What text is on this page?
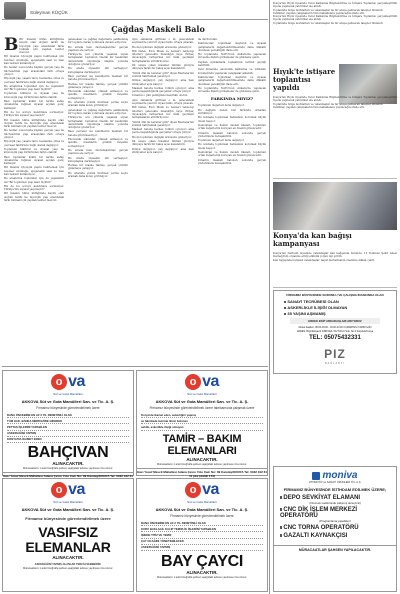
Süleyman KÜÇÜK
Çağdaş Maskeli Balo
B Bir insanın nüfus kütüğünde kayıtlı olan doğum tarihi ile biyolojik yaşı arasındaki farkı bulmak için yapılan testler mevcut.

Bir insanın biyolojik yaşını belirlemek için telomer uzunluğu, epigenetik saat ve bazı kan testleri kullanılıyor.

Bu testler sonucunda kişinin gerçek yaşı ile hücrelerinin yaşı arasındaki fark ortaya çıkıyor.

Biyolojik yaş, yaşam tarzı, beslenme, stres ve çevresel faktörlere bağlı olarak değişiyor.

Bu araştırma toplumlar için de yapılabilir mi? Bir toplumun yaşı nasıl ölçülür?

Toplumun kültürel ve siyasal yaşı ile kronolojik yaşı birbirinden farklı olabilir.

Bazı toplumlar köklü bir tarihe sahip olmalarına rağmen siyasal açıdan genç kalmıştır.

Biz de bu soruyu kendimize sormalıyız: Türkiye'nin siyasal yaşı kaçtır?

Bir insanın nüfus kütüğünde kayıtlı olan doğum tarihi ile biyolojik yaşı arasındaki farkı bulmak için yapılan testler mevcut.

Bu testler sonucunda kişinin gerçek yaşı ile hücrelerinin yaşı arasındaki fark ortaya çıkıyor.

Biyolojik yaş, yaşam tarzı, beslenme, stres ve çevresel faktörlere bağlı olarak değişiyor.

Toplumun kültürel ve siyasal yaşı ile kronolojik yaşı birbirinden farklı olabilir.

Bazı toplumlar köklü bir tarihe sahip olmalarına rağmen siyasal açıdan genç kalmıştır.

Bir insanın biyolojik yaşını belirlemek için telomer uzunluğu, epigenetik saat ve bazı kan testleri kullanılıyor.

Bu araştırma toplumlar için de yapılabilir mi? Bir toplumun yaşı nasıl ölçülür?

Biz de bu soruyu kendimize sormalıyız: Türkiye'nin siyasal yaşı kaçtır?

Bir insanın nüfus kütüğünde kayıtlı olan doğum tarihi ile biyolojik yaşı arasındaki farkı bulmak için yapılan testler mevcut.

geleneksel ve çağdaş değerlerle şekillenmiş bir toplum olarak yolumuza devam ediyoruz.

Bu sırada bazı davranışlarımız gerçek yaşımızı ele veriyor.

Türkiye'de son yıllarda yaşanan siyasi tartışmalar, toplumun önemli bir kesiminin demokratik olgunluğa ulaşma yolunda olduğunu gösteriyor.

Bu arada siyasetin dili sertleşiyor, kutuplaşma derinleşiyor.

Bazı çevreler ise kendilerini maskeli bir baloda gibi hissediyor.

Herkes bir maske takmış, gerçek yüzünü gizlemeye çalışıyor.

Ekonomik sıkıntılar, yüksek enflasyon ve işsizlik, insanların günlük hayatını zorlaştırıyor.

Bu ortamda çözüm üretmek yerine suçlu aramak daha kolay görünüyor.

geleneksel ve çağdaş değerlerle şekillenmiş bir toplum olarak yolumuza devam ediyoruz.

Türkiye'de son yıllarda yaşanan siyasi tartışmalar, toplumun önemli bir kesiminin demokratik olgunluğa ulaşma yolunda olduğunu gösteriyor.

Bazı çevreler ise kendilerini maskeli bir baloda gibi hissediyor.

Ekonomik sıkıntılar, yüksek enflasyon ve işsizlik, insanların günlük hayatını zorlaştırıyor.

Bu sırada bazı davranışlarımız gerçek yaşımızı ele veriyor.

Bu arada siyasetin dili sertleşiyor, kutuplaşma derinleşiyor.

Herkes bir maske takmış, gerçek yüzünü gizlemeye çalışıyor.

Bu ortamda çözüm üretmek yerine suçlu aramak daha kolay görünüyor.

Aynı zamanda görünen o ki, gelecekteki seçimlerde yeni bir siyasi tablo ortaya çıkacak.

Bu da toplumun değişim arzusunu gösteriyor.

Bill Gates, Elon Musk ve benzeri teknoloji liderleri gelecekte insanlığın neye ihtiyaç duyacağını tartışırken biz hâlâ geçmişin tartışmalarını sürdürüyoruz.

İlk uzaya çıkan insanlar bilimin gücüyle dünyaya farklı bir bakış açısı kazandırdı.

"Dünü dün ile beraber gitti" diyen Mevlana'nın sözünü hatırlamak gerekiyor.

Dünya değişiyor, çağ değişiyor; ama bazı zihniyetler aynı kalıyor.

Maskeli baloda herkes rolünü oynuyor; ama perde kapandığında gerçekler ortaya çıkıyor.

Umarım o gün geldiğinde hazırlıklı oluruz.

Aynı zamanda görünen o ki, gelecekteki seçimlerde yeni bir siyasi tablo ortaya çıkacak.

Bill Gates, Elon Musk ve benzeri teknoloji liderleri gelecekte insanlığın neye ihtiyaç duyacağını tartışırken biz hâlâ geçmişin tartışmalarını sürdürüyoruz.

"Dünü dün ile beraber gitti" diyen Mevlana'nın sözünü hatırlamak gerekiyor.

Maskeli baloda herkes rolünü oynuyor; ama perde kapandığında gerçekler ortaya çıkıyor.

Bu da toplumun değişim arzusunu gösteriyor.

İlk uzaya çıkan insanlar bilimin gücüyle dünyaya farklı bir bakış açısı kazandırdı.

Dünya değişiyor, çağ değişiyor; ama bazı zihniyetler aynı kalıyor.

ile durdurulan.

Katılımcılar; toplumsal olayların ve siyasal gelişmelerin değerlendirilmesinde daha dikkatli olunması gerektiğini ifade etti.

Bu toplantıda NATO'nun Ankara'da yapılacak zirvesine ilişkin görüşmeler de gündeme geldi.

Yapılan açıklamada toplantının verimli geçtiği belirtildi.

Yeni dönemde ekonomik kalkınma ve istihdam konularında yapılacak çalışmalar anlatıldı.

Katılımcılar; toplumsal olayların ve siyasal gelişmelerin değerlendirilmesinde daha dikkatli olunması gerektiğini ifade etti.

Bu toplantıda NATO'nun Ankara'da yapılacak zirvesine ilişkin görüşmeler de gündeme geldi.

FARKINDA MIYIZ?

Toplumun değerleri hızla değişiyor.

Bu değişim bazen bizi farkında olmadan sürüklüyor.

Bu noktada toplumsal hafızamızı korumak büyük önem taşıyor.

Demokrasi ve hukuk devleti ilkeleri, toplumun ortak değerlerini koruyan en önemli güvencedir.

Umarım maskeli balonun sonunda gerçek yüzlerimizle buluşabiliriz.

Toplumun değerleri hızla değişiyor.

Bu noktada toplumsal hafızamızı korumak büyük önem taşıyor.

Demokrasi ve hukuk devleti ilkeleri, toplumun ortak değerlerini koruyan en önemli güvencedir.

Umarım maskeli balonun sonunda gerçek yüzlerimizle buluşabiliriz.

Konya'nın Hıyık ilçesinde Yerel Kalkınma Bilgilendirme ve İstişare Toplantısı gerçekleştirildi. İlçede yapılacak yatırımlar ele alındı.

Toplantıda bölge muhtarları ve vatandaşlar ile bir araya gelinerek talepler dinlendi.

Yetkililer, yapılan çalışmaların tüm mahallelere yayılacağını ifade etti.

Konya'nın Hıyık ilçesinde Yerel Kalkınma Bilgilendirme ve İstişare Toplantısı gerçekleştirildi. İlçede yapılacak yatırımlar ele alındı.

Toplantıda bölge muhtarları ve vatandaşlar ile bir araya gelinerek talepler dinlendi.

Hıyık'te istişare toplantısı yapıldı

Konya'nın Hıyık ilçesinde Yerel Kalkınma Bilgilendirme ve İstişare Toplantısı gerçekleştirildi. İlçede yapılacak yatırımlar ele alındı.

Toplantıda bölge muhtarları ve vatandaşlar ile bir araya gelinerek talepler dinlendi.

Yetkililer, yapılan çalışmaların tüm mahallelere yayılacağını ifade etti.

Konya'da kan bağışı kampanyası

Konya'nın Derbent ilçesinde vatandaşlar kan bağışında bulundu. 15 Temmuz Şehit Ailesi Derneği'nin organize ettiği etkinlik yoğun ilgi gördü.

Kan bağışında bulunan vatandaşlar, hayat kurtarmanın önemine dikkat çekti.

FİRMAMIZ BÜNYESİNDE SORUMLU VE ÇALIŞMA İNANCINDA OLAN
SANAYİ TECRÜBESİ OLAN
ASKERLİKLE İLİŞİĞİ OLMAYAN
35 YAŞINI AŞMAMIŞ
ERKEK EKİP ARKADAŞLARI ARIYORUZ
Mesai Saatleri: 08:00-18:00 - 18:00-04:00 CUMARTESİ YARIM GÜN
ADRES: Büyükkayacık OSB Mah. 512 NOLU Sok. No:2 Selçuklu/Konya
TEL: 05075432331
PIZ
BAĞLANTI
moniva
OTOMOTİV ve SANAYİ ÜRÜNLERİ TİC. A.Ş.
FİRMAMIZ BÜNYESİNDE İSTİHDAM EDİLMEK ÜZERE;
DEPO SEVKİYAT ELAMANI
(Otomotiv sektöründe çalışmış deneyimli)
CNC DİK İŞLEM MERKEZİ OPERATÖRÜ
(Programlama yapabilen)
CNC TORNA OPERATÖRÜ
GAZALTI KAYNAKÇISI
MÜRACAATLAR ŞAHSEN YAPILACAKTIR.
o va
Süt ve Gıda Mamülleri
AKKOVA Süt ve Gıda Mamülleri San. ve Tic. A. Ş.
Firmamız bünyesinde görevlendirilmek üzere
DANA ÖNCEBİNE EN AZ 2 YIL DENEYİMLİ OLAN
TÜM HAK. BANKA MERKEZİNE GİDEREK
PETTAŞ İŞLERİNİ YAPABİLEN
ASKERLİĞİNİ YAPMIŞ
KONYA'DA İKAMET EDEN
BAHÇIVAN
ALINACAKTIR.
Müracaatların 1 adet fotoğrafla şahsen aşağıdaki adrese yapılması rica olunur.
Hacı Yusuf Mescit Mahallesi Adana Çevre Yolu Cad. No: 89 Karatay/KONYA Tel: 0332 342 61
o va
Süt ve Gıda Mamülleri
AKKOVA Süt ve Gıda Mamülleri San. ve Tic. A. Ş.
Firmamız bünyesinde görevlendirilmek üzere fabrikamızda çalışmak üzere
Konya'da ikamet eden, askerliğini yapmış
ve fabrikada tamirde ikinci bulunan
sahibi, askerlikle ilişiği olmayan
TAMİR – BAKIM ELEMANLARI
ALINACAKTIR.
Müracaatların 1 adet fotoğrafla şahsen aşağıdaki adrese yapılması rica olunur.
Hacı Yusuf Mescit Mahallesi Adana Çevre Yolu Cad. No: 89 Karatay/KONYA Tel: 0332 342 61 11 pbx (dahili 173)
o va
Süt ve Gıda Mamülleri
AKKOVA Süt ve Gıda Mamülleri San. ve Tic. A. Ş.
Firmamız bünyesinde görevlendirilmek üzere
VASIFSIZ ELEMANLAR
ALINACAKTIR.
ASKERLİĞİNİ YAPMIŞ OLANLAR TERCİH SEBEBİDİR.
Müracaatların 1 adet fotoğrafla şahsen aşağıdaki adrese yapılması rica olunur.
o va
Süt ve Gıda Mamülleri
AKKOVA Süt ve Gıda Mamülleri San. ve Tic. A. Ş.
Firmamız bünyesinde görevlendirilmek üzere
DANA ÖNCEBİNE EN AZ 2 YIL DENEYİMLİ OLAN
KURU BAKLAGİL KALIP TEMİZLİK İŞLERİNİ YAPABİLEN
İŞİNDE TİTİZ VE TEMİZ
ÇAY OCAĞINI YÖNETEBİLECEK
ASKERLİĞİNİ YAPMIŞ
BAY ÇAYCI
ALINACAKTIR.
Müracaatların 1 adet fotoğrafla şahsen aşağıdaki adrese yapılması rica olunur.
